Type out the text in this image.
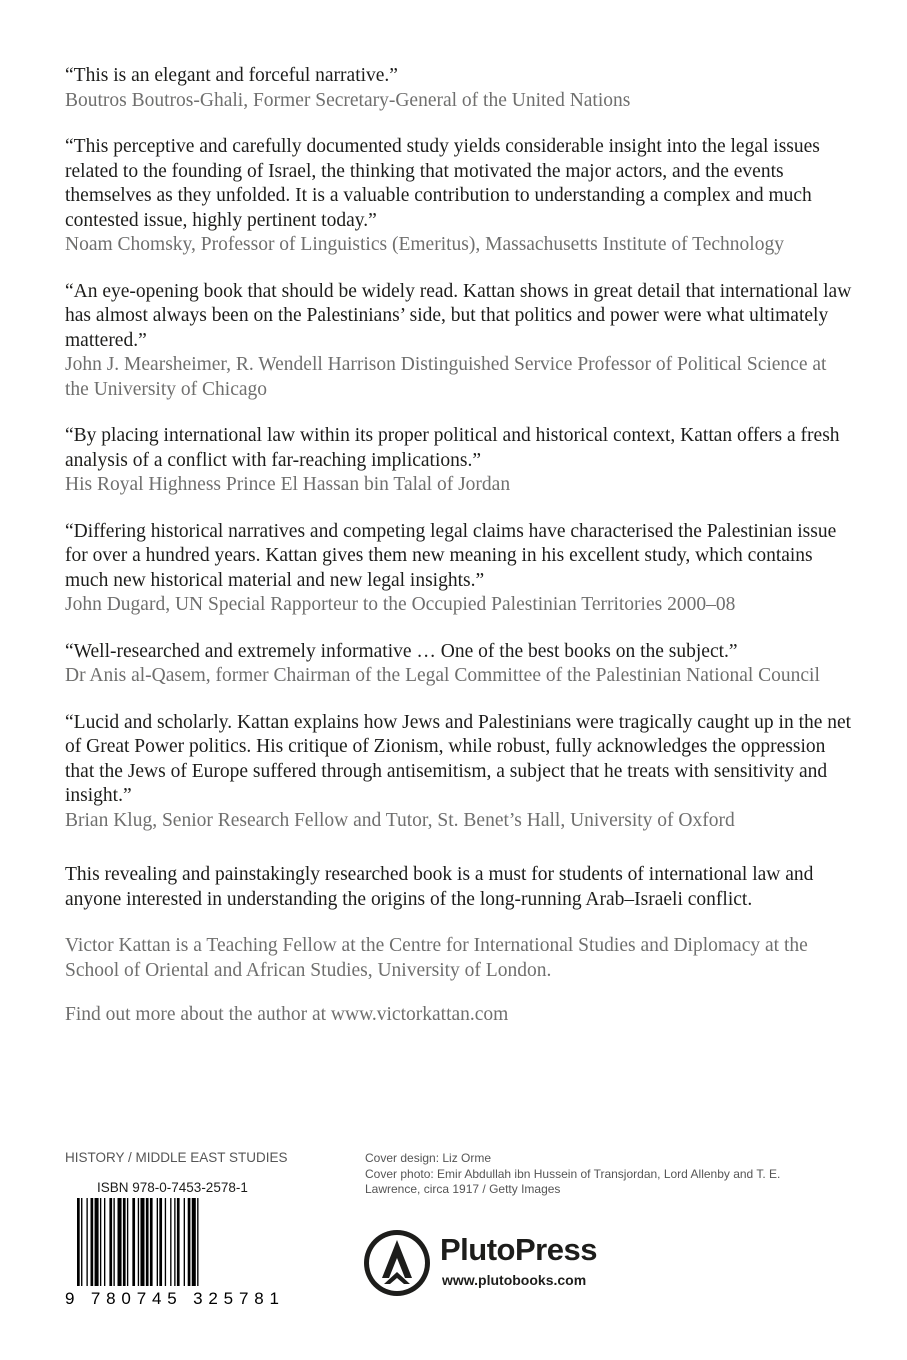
“This is an elegant and forceful narrative.”

Boutros Boutros-Ghali, Former Secretary-General of the United Nations

“This perceptive and carefully documented study yields considerable insight into the legal issues related to the founding of Israel, the thinking that motivated the major actors, and the events themselves as they unfolded. It is a valuable contribution to understanding a complex and much contested issue, highly pertinent today.”

Noam Chomsky, Professor of Linguistics (Emeritus), Massachusetts Institute of Technology

“An eye-opening book that should be widely read. Kattan shows in great detail that international law has almost always been on the Palestinians’ side, but that politics and power were what ultimately mattered.”

John J. Mearsheimer, R. Wendell Harrison Distinguished Service Professor of Political Science at the University of Chicago

“By placing international law within its proper political and historical context, Kattan offers a fresh analysis of a conflict with far-reaching implications.”

His Royal Highness Prince El Hassan bin Talal of Jordan

“Differing historical narratives and competing legal claims have characterised the Palestinian issue for over a hundred years. Kattan gives them new meaning in his excellent study, which contains much new historical material and new legal insights.”

John Dugard, UN Special Rapporteur to the Occupied Palestinian Territories 2000–08

“Well-researched and extremely informative … One of the best books on the subject.”

Dr Anis al-Qasem, former Chairman of the Legal Committee of the Palestinian National Council

“Lucid and scholarly. Kattan explains how Jews and Palestinians were tragically caught up in the net of Great Power politics. His critique of Zionism, while robust, fully acknowledges the oppression that the Jews of Europe suffered through antisemitism, a subject that he treats with sensitivity and insight.”

Brian Klug, Senior Research Fellow and Tutor, St. Benet’s Hall, University of Oxford

This revealing and painstakingly researched book is a must for students of international law and anyone interested in understanding the origins of the long-running Arab–Israeli conflict.

Victor Kattan is a Teaching Fellow at the Centre for International Studies and Diplomacy at the School of Oriental and African Studies, University of London.

Find out more about the author at www.victorkattan.com

HISTORY / MIDDLE EAST STUDIES
ISBN 978-0-7453-2578-1
9 780745 325781

Cover design: Liz Orme

Cover photo: Emir Abdullah ibn Hussein of Transjordan, Lord Allenby and T. E. Lawrence, circa 1917 / Getty Images

PlutoPress
www.plutobooks.com
